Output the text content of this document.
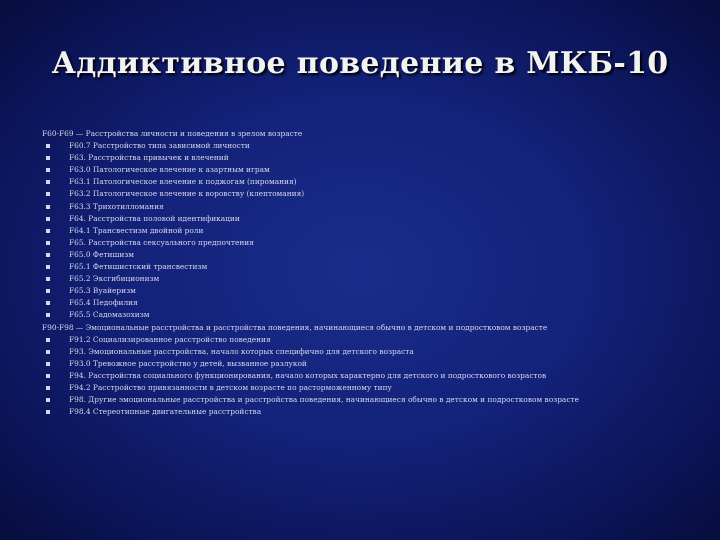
Аддиктивное поведение в МКБ-10
F60-F69 — Расстройства личности и поведения в зрелом возрасте
F60.7 Расстройство типа зависимой личности
F63. Расстройства привычек и влечений
F63.0 Патологическое влечение к азартным играм
F63.1 Патологическое влечение к поджогам (пиромания)
F63.2 Патологическое влечение к воровству (клептомания)
F63.3 Трихотилломания
F64. Расстройства половой идентификации
F64.1 Трансвестизм двойной роли
F65. Расстройства сексуального предпочтения
F65.0 Фетишизм
F65.1 Фетишистский трансвестизм
F65.2 Эксгибиционизм
F65.3 Вуайеризм
F65.4 Педофилия
F65.5 Садомазохизм
F90-F98 — Эмоциональные расстройства и расстройства поведения, начинающиеся обычно в детском и подростковом возрасте
F91.2 Социализированное расстройство поведения
F93. Эмоциональные расстройства, начало которых специфично для детского возраста
F93.0 Тревожное расстройство у детей, вызванное разлукой
F94. Расстройства социального функционирования, начало которых характерно для детского и подросткового возрастов
F94.2 Расстройство привязанности в детском возрасте по расторможенному типу
F98. Другие эмоциональные расстройства и расстройства поведения, начинающиеся обычно в детском и подростковом возрасте
F98.4 Стереотипные двигательные расстройства
